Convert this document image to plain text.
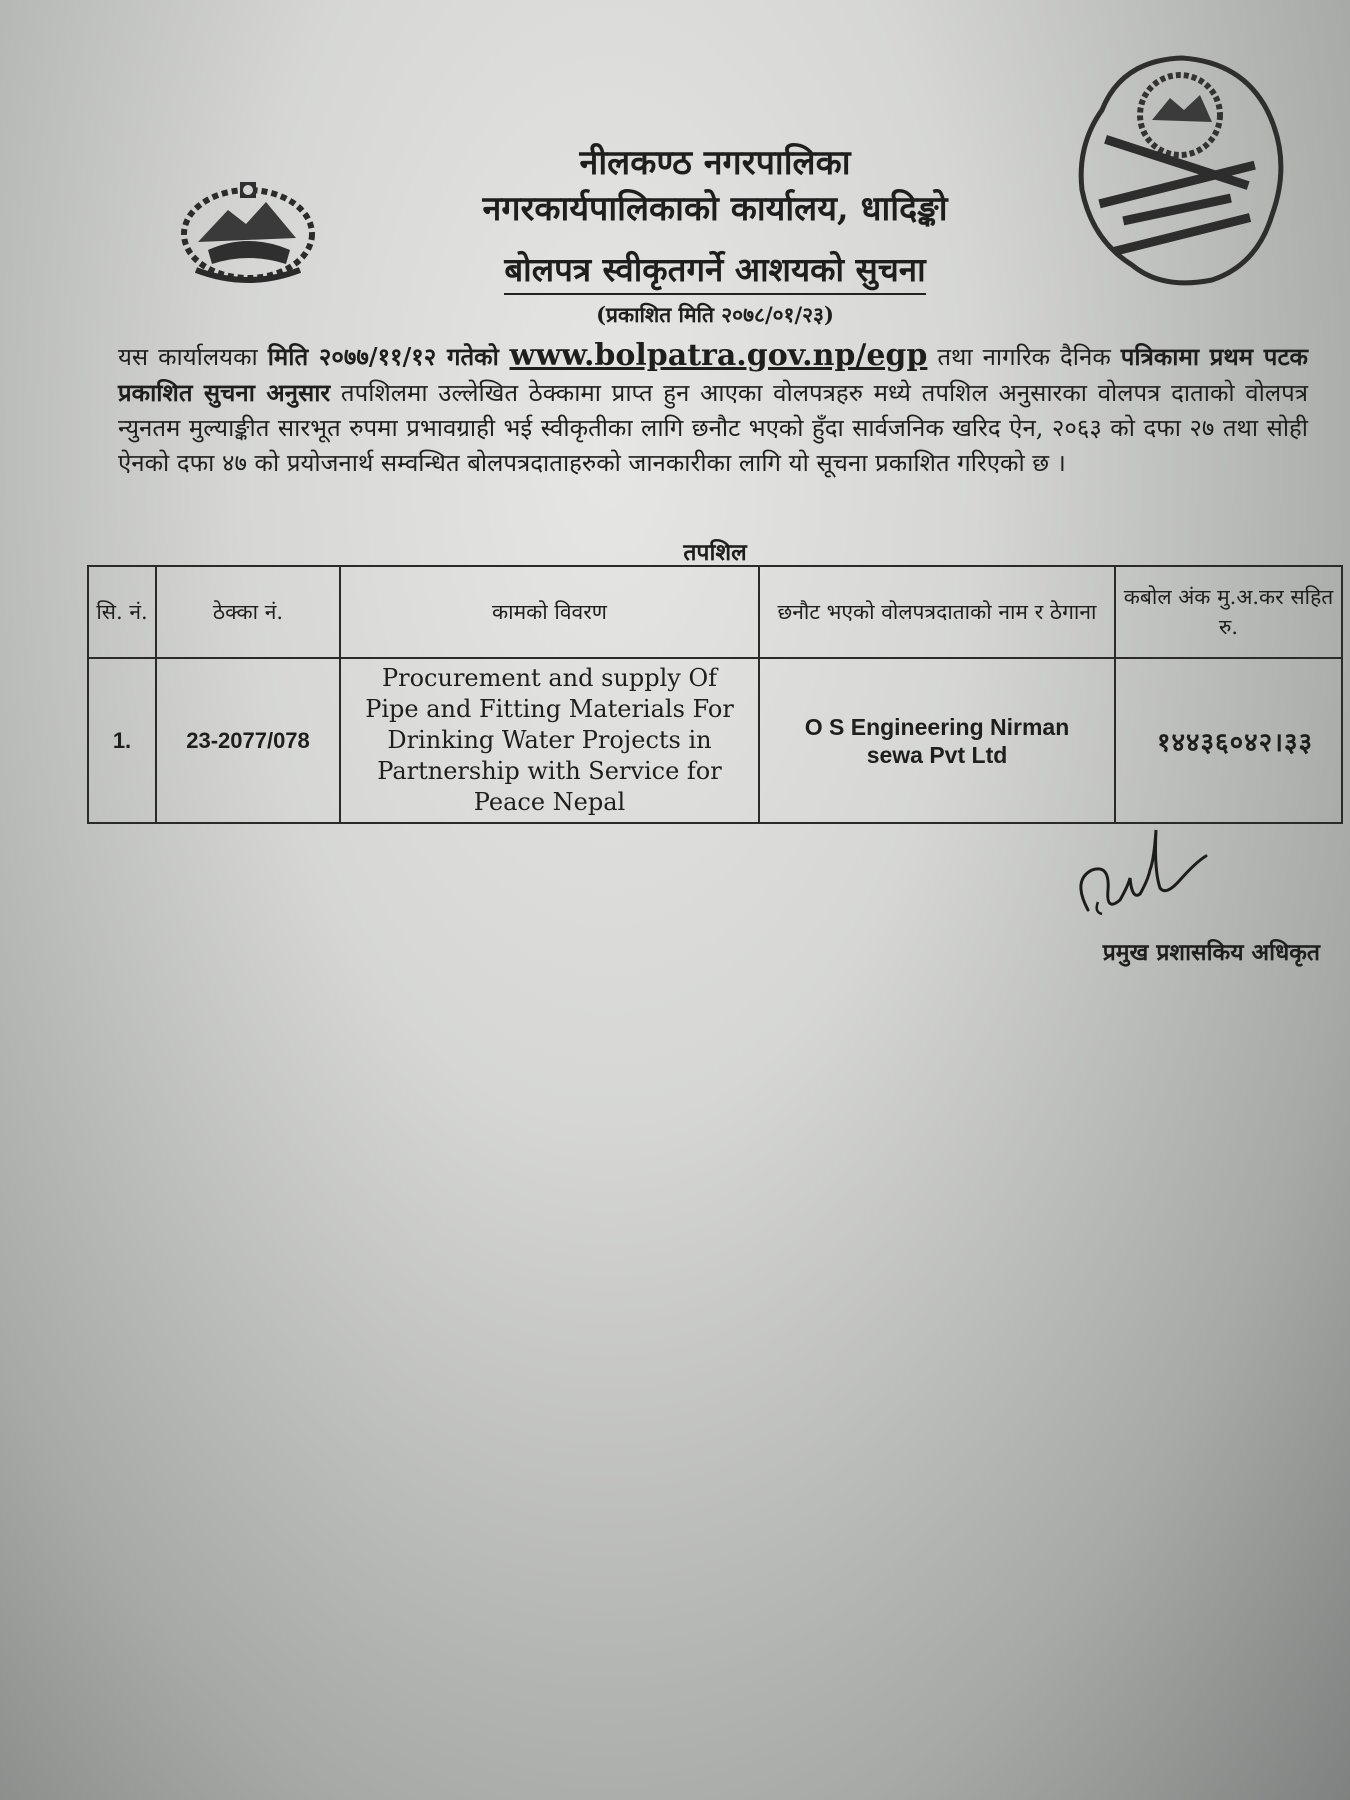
नीलकण्ठ नगरपालिका
नगरकार्यपालिकाको कार्यालय, धादिङ्को
बोलपत्र स्वीकृतगर्ने आशयको सुचना
(प्रकाशित मिति २०७८/०१/२३)
यस कार्यालयका मिति २०७७/११/१२ गतेको www.bolpatra.gov.np/egp तथा नागरिक दैनिक पत्रिकामा प्रथम पटक प्रकाशित सुचना अनुसार तपशिलमा उल्लेखित ठेक्कामा प्राप्त हुन आएका वोलपत्रहरु मध्ये तपशिल अनुसारका वोलपत्र दाताको वोलपत्र न्युनतम मुल्याङ्कीत सारभूत रुपमा प्रभावग्राही भई स्वीकृतीका लागि छनौट भएको हुँदा सार्वजनिक खरिद ऐन, २०६३ को दफा २७ तथा सोही ऐनको दफा ४७ को प्रयोजनार्थ सम्वन्धित बोलपत्रदाताहरुको जानकारीका लागि यो सूचना प्रकाशित गरिएको छ ।
तपशिल
सि. नं.	ठेक्का नं.	कामको विवरण	छनौट भएको वोलपत्रदाताको नाम र ठेगाना	कबोल अंक मु.अ.कर सहित रु.
1.	23-2077/078	Procurement and supply Of Pipe and Fitting Materials For Drinking Water Projects in Partnership with Service for Peace Nepal	O S Engineering Nirman sewa Pvt Ltd	१४४३६०४२।३३
प्रमुख प्रशासकिय अधिकृत
